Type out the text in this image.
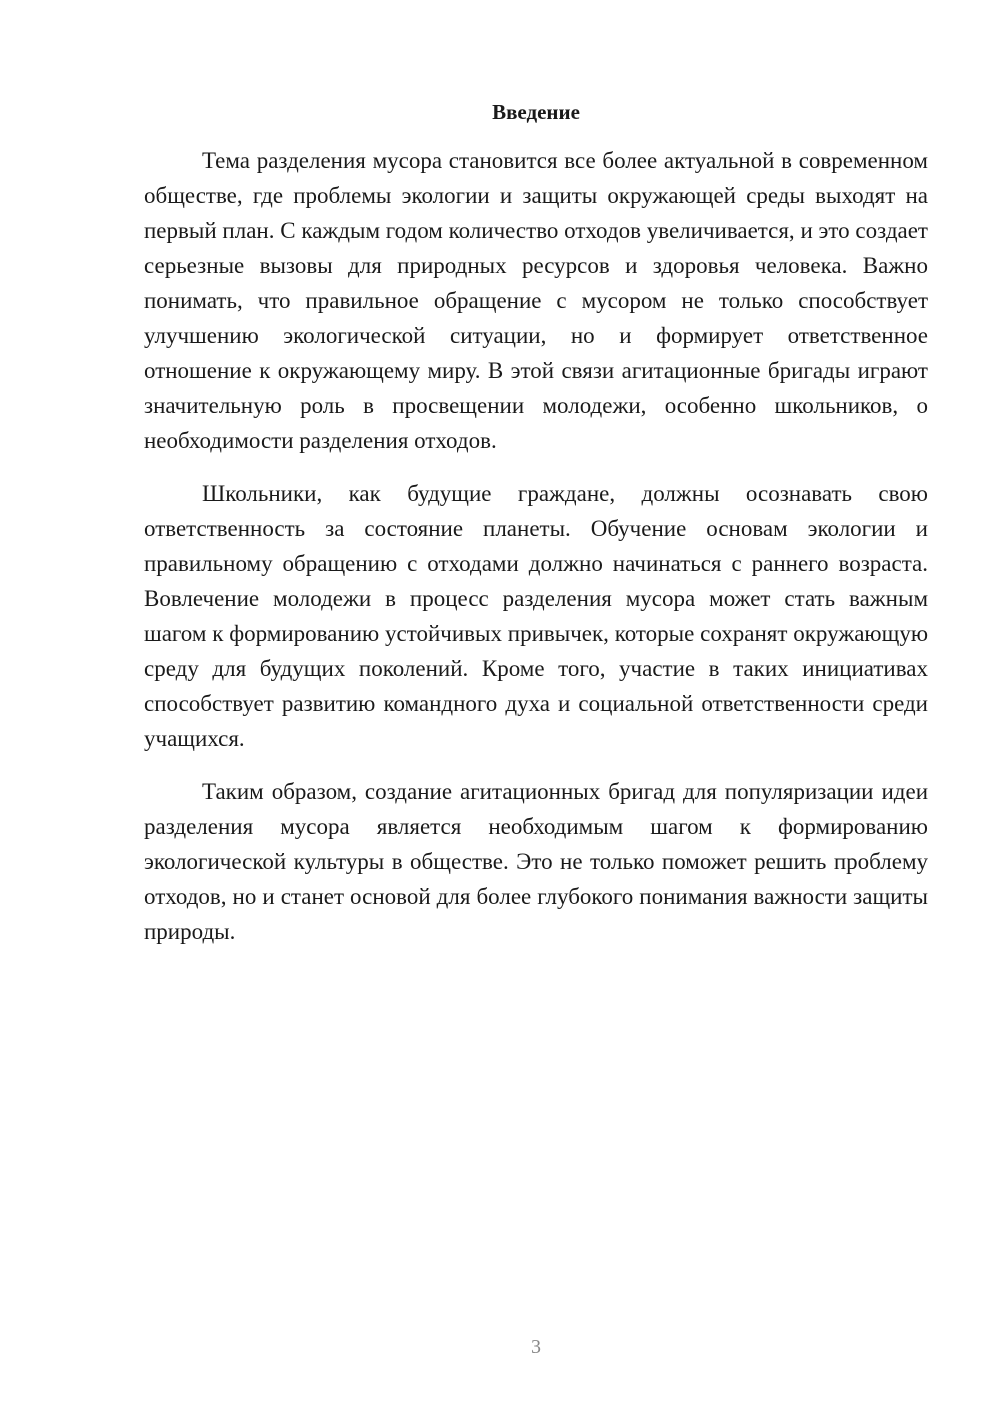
Введение

Тема разделения мусора становится все более актуальной в современном обществе, где проблемы экологии и защиты окружающей среды выходят на первый план. С каждым годом количество отходов увеличивается, и это создает серьезные вызовы для природных ресурсов и здоровья человека. Важно понимать, что правильное обращение с мусором не только способствует улучшению экологической ситуации, но и формирует ответственное отношение к окружающему миру. В этой связи агитационные бригады играют значительную роль в просвещении молодежи, особенно школьников, о необходимости разделения отходов.

Школьники, как будущие граждане, должны осознавать свою ответственность за состояние планеты. Обучение основам экологии и правильному обращению с отходами должно начинаться с раннего возраста. Вовлечение молодежи в процесс разделения мусора может стать важным шагом к формированию устойчивых привычек, которые сохранят окружающую среду для будущих поколений. Кроме того, участие в таких инициативах способствует развитию командного духа и социальной ответственности среди учащихся.

Таким образом, создание агитационных бригад для популяризации идеи разделения мусора является необходимым шагом к формированию экологической культуры в обществе. Это не только поможет решить проблему отходов, но и станет основой для более глубокого понимания важности защиты природы.

3
